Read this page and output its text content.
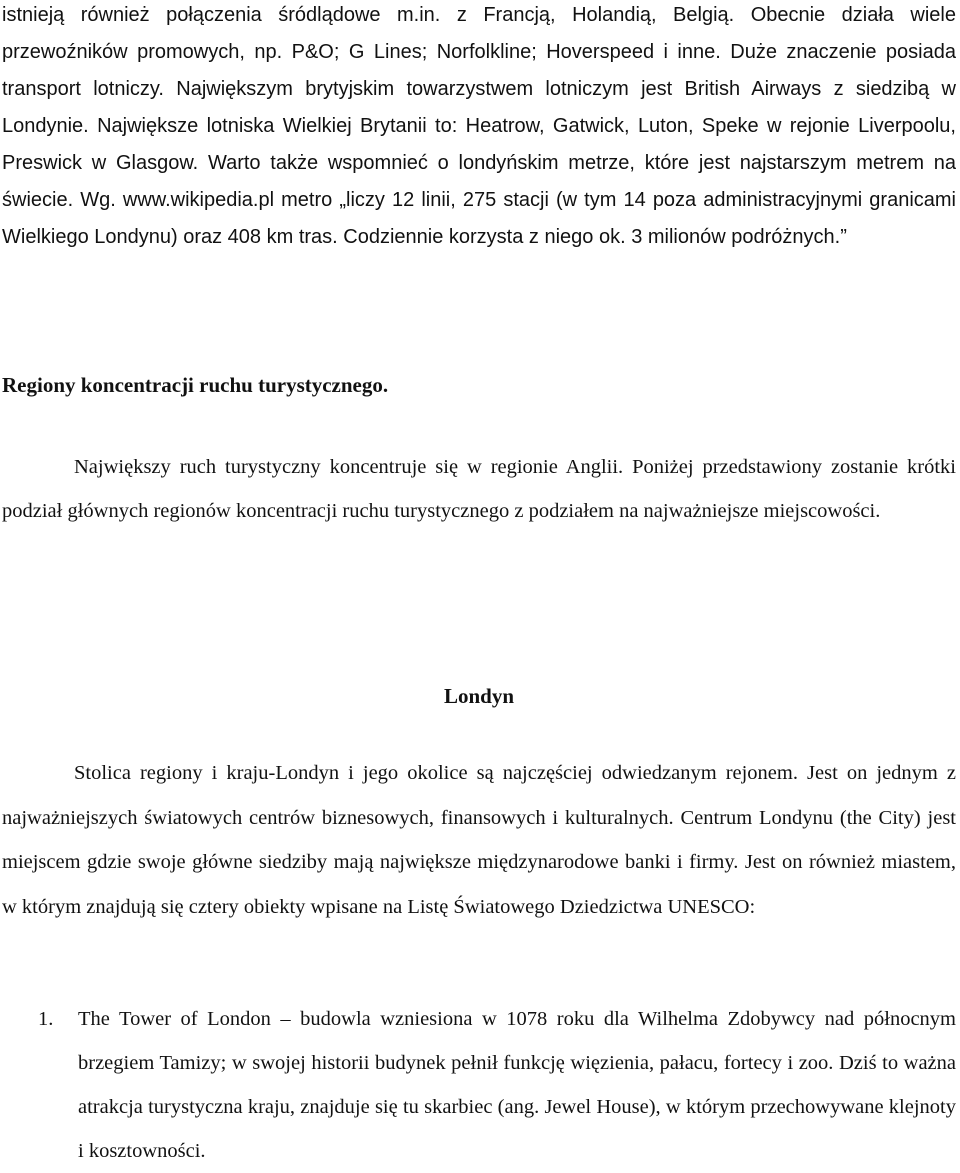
istnieją również połączenia śródlądowe m.in. z Francją, Holandią, Belgią. Obecnie działa wiele przewoźników promowych, np. P&O; G Lines; Norfolkline; Hoverspeed i inne. Duże znaczenie posiada transport lotniczy. Największym brytyjskim towarzystwem lotniczym jest British Airways z siedzibą w Londynie. Największe lotniska Wielkiej Brytanii to: Heatrow, Gatwick, Luton, Speke w rejonie Liverpoolu, Preswick w Glasgow. Warto także wspomnieć o londyńskim metrze, które jest najstarszym metrem na świecie. Wg. www.wikipedia.pl metro „liczy 12 linii, 275 stacji (w tym 14 poza administracyjnymi granicami Wielkiego Londynu) oraz 408 km tras. Codziennie korzysta z niego ok. 3 milionów podróżnych.”

Regiony koncentracji ruchu turystycznego.

Największy ruch turystyczny koncentruje się w regionie Anglii. Poniżej przedstawiony zostanie krótki podział głównych regionów koncentracji ruchu turystycznego z podziałem na najważniejsze miejscowości.

Londyn

Stolica regiony i kraju-Londyn i jego okolice są najczęściej odwiedzanym rejonem. Jest on jednym z najważniejszych światowych centrów biznesowych, finansowych i kulturalnych. Centrum Londynu (the City) jest miejscem gdzie swoje główne siedziby mają największe międzynarodowe banki i firmy. Jest on również miastem, w którym znajdują się cztery obiekty wpisane na Listę Światowego Dziedzictwa UNESCO:

1. The Tower of London – budowla wzniesiona w 1078 roku dla Wilhelma Zdobywcy nad północnym brzegiem Tamizy; w swojej historii budynek pełnił funkcję więzienia, pałacu, fortecy i zoo. Dziś to ważna atrakcja turystyczna kraju, znajduje się tu skarbiec (ang. Jewel House), w którym przechowywane klejnoty i kosztowności.
